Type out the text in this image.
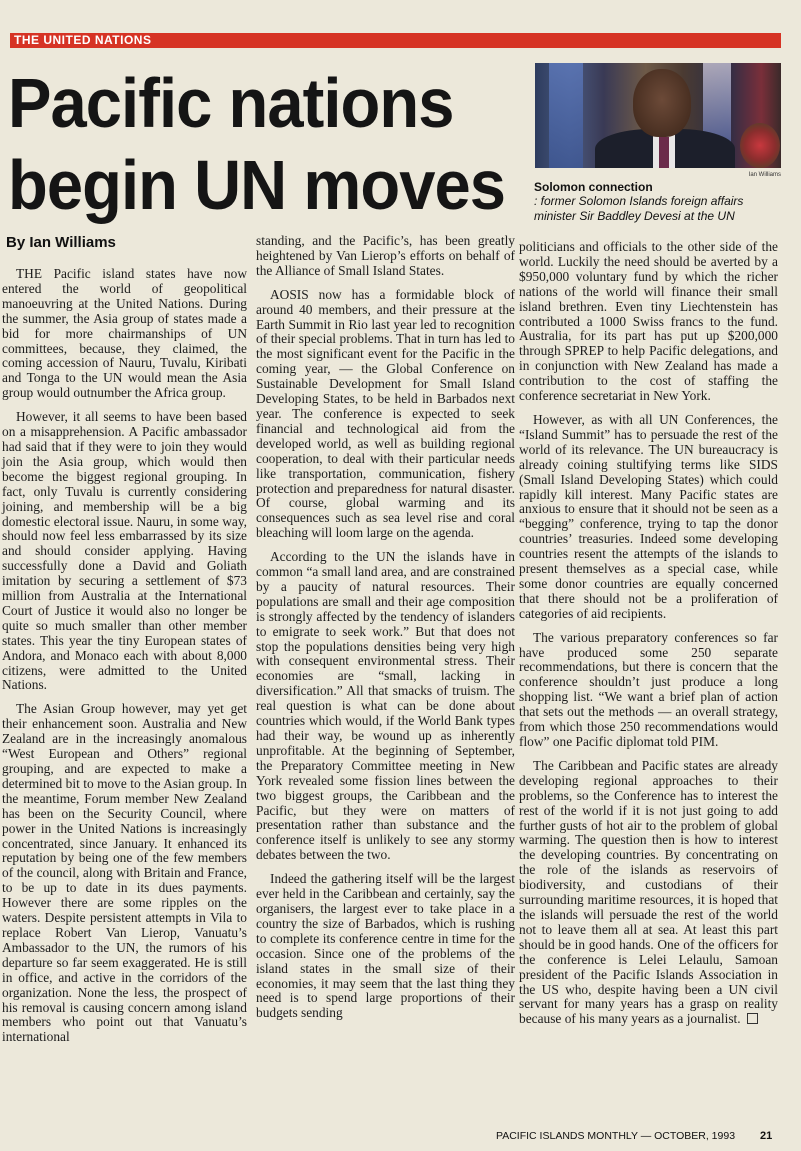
THE UNITED NATIONS
Pacific nations
begin UN moves	Ian Williams
Solomon connection
: former Solomon Islands foreign affairs minister Sir Baddley Devesi at the UN
By Ian Williams

THE Pacific island states have now entered the world of geopolitical manoeuvring at the United Nations. During the summer, the Asia group of states made a bid for more chairmanships of UN committees, because, they claimed, the coming accession of Nauru, Tuvalu, Kiribati and Tonga to the UN would mean the Asia group would outnumber the Africa group.

However, it all seems to have been based on a misapprehension. A Pacific ambassador had said that if they were to join they would join the Asia group, which would then become the biggest regional grouping. In fact, only Tuvalu is currently considering joining, and membership will be a big domestic electoral issue. Nauru, in some way, should now feel less embarrassed by its size and should consider applying. Having successfully done a David and Goliath imitation by securing a settlement of $73 million from Australia at the International Court of Justice it would also no longer be quite so much smaller than other member states. This year the tiny European states of Andora, and Monaco each with about 8,000 citizens, were admitted to the United Nations.

The Asian Group however, may yet get their enhancement soon. Australia and New Zealand are in the increasingly anomalous “West European and Others” regional grouping, and are expected to make a determined bit to move to the Asian group. In the meantime, Forum member New Zealand has been on the Security Council, where power in the United Nations is increasingly concentrated, since January. It enhanced its reputation by being one of the few members of the council, along with Britain and France, to be up to date in its dues payments. However there are some ripples on the waters. Despite persistent attempts in Vila to replace Robert Van Lierop, Vanuatu’s Ambassador to the UN, the rumors of his departure so far seem exaggerated. He is still in office, and active in the corridors of the organization. None the less, the prospect of his removal is causing concern among island members who point out that Vanuatu’s international

standing, and the Pacific’s, has been greatly heightened by Van Lierop’s efforts on behalf of the Alliance of Small Island States.

AOSIS now has a formidable block of around 40 members, and their pressure at the Earth Summit in Rio last year led to recognition of their special problems. That in turn has led to the most significant event for the Pacific in the coming year, — the Global Conference on Sustainable Development for Small Island Developing States, to be held in Barbados next year. The conference is expected to seek financial and technological aid from the developed world, as well as building regional cooperation, to deal with their particular needs like transportation, communication, fishery protection and preparedness for natural disaster. Of course, global warming and its consequences such as sea level rise and coral bleaching will loom large on the agenda.

According to the UN the islands have in common “a small land area, and are constrained by a paucity of natural resources. Their populations are small and their age composition is strongly affected by the tendency of islanders to emigrate to seek work.” But that does not stop the populations densities being very high with consequent environmental stress. Their economies are “small, lacking in diversification.” All that smacks of truism. The real question is what can be done about countries which would, if the World Bank types had their way, be wound up as inherently unprofitable. At the beginning of September, the Preparatory Committee meeting in New York revealed some fission lines between the two biggest groups, the Caribbean and the Pacific, but they were on matters of presentation rather than substance and the conference itself is unlikely to see any stormy debates between the two.

Indeed the gathering itself will be the largest ever held in the Caribbean and certainly, say the organisers, the largest ever to take place in a country the size of Barbados, which is rushing to complete its conference centre in time for the occasion. Since one of the problems of the island states in the small size of their economies, it may seem that the last thing they need is to spend large proportions of their budgets sending

politicians and officials to the other side of the world. Luckily the need should be averted by a $950,000 voluntary fund by which the richer nations of the world will finance their small island brethren. Even tiny Liechtenstein has contributed a 1000 Swiss francs to the fund. Australia, for its part has put up $200,000 through SPREP to help Pacific delegations, and in conjunction with New Zealand has made a contribution to the cost of staffing the conference secretariat in New York.

However, as with all UN Conferences, the “Island Summit” has to persuade the rest of the world of its relevance. The UN bureaucracy is already coining stultifying terms like SIDS (Small Island Developing States) which could rapidly kill interest. Many Pacific states are anxious to ensure that it should not be seen as a “begging” conference, trying to tap the donor countries’ treasuries. Indeed some developing countries resent the attempts of the islands to present themselves as a special case, while some donor countries are equally concerned that there should not be a proliferation of categories of aid recipients.

The various preparatory conferences so far have produced some 250 separate recommendations, but there is concern that the conference shouldn’t just produce a long shopping list. “We want a brief plan of action that sets out the methods — an overall strategy, from which those 250 recommendations would flow” one Pacific diplomat told PIM.

The Caribbean and Pacific states are already developing regional approaches to their problems, so the Conference has to interest the rest of the world if it is not just going to add further gusts of hot air to the problem of global warming. The question then is how to interest the developing countries. By concentrating on the role of the islands as reservoirs of biodiversity, and custodians of their surrounding maritime resources, it is hoped that the islands will persuade the rest of the world not to leave them all at sea. At least this part should be in good hands. One of the officers for the conference is Lelei Lelaulu, Samoan president of the Pacific Islands Association in the US who, despite having been a UN civil servant for many years has a grasp on reality because of his many years as a journalist.

PACIFIC ISLANDS MONTHLY — OCTOBER, 1993 21
